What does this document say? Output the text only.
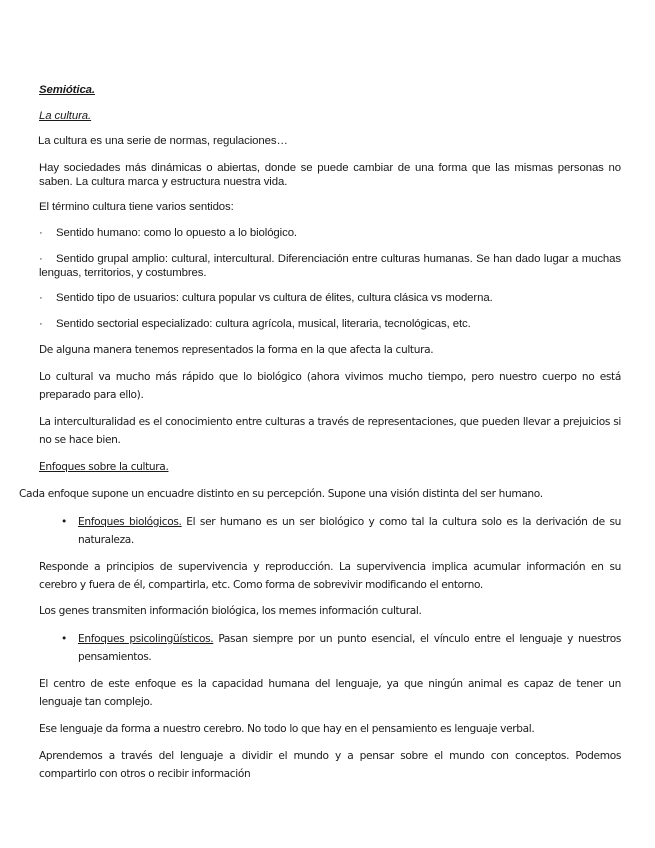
Semiótica.

La cultura.

La cultura es una serie de normas, regulaciones…

Hay sociedades más dinámicas o abiertas, donde se puede cambiar de una forma que las mismas personas no saben. La cultura marca y estructura nuestra vida.

El término cultura tiene varios sentidos:

· Sentido humano: como lo opuesto a lo biológico.

· Sentido grupal amplio: cultural, intercultural. Diferenciación entre culturas humanas. Se han dado lugar a muchas lenguas, territorios, y costumbres.

· Sentido tipo de usuarios: cultura popular vs cultura de élites, cultura clásica vs moderna.

· Sentido sectorial especializado: cultura agrícola, musical, literaria, tecnológicas, etc.

De alguna manera tenemos representados la forma en la que afecta la cultura.

Lo cultural va mucho más rápido que lo biológico (ahora vivimos mucho tiempo, pero nuestro cuerpo no está preparado para ello).

La interculturalidad es el conocimiento entre culturas a través de representaciones, que pueden llevar a prejuicios si no se hace bien.

Enfoques sobre la cultura.

Cada enfoque supone un encuadre distinto en su percepción. Supone una visión distinta del ser humano.

• Enfoques biológicos. El ser humano es un ser biológico y como tal la cultura solo es la derivación de su naturaleza.

Responde a principios de supervivencia y reproducción. La supervivencia implica acumular información en su cerebro y fuera de él, compartirla, etc. Como forma de sobrevivir modificando el entorno.

Los genes transmiten información biológica, los memes información cultural.

• Enfoques psicolingüísticos. Pasan siempre por un punto esencial, el vínculo entre el lenguaje y nuestros pensamientos.

El centro de este enfoque es la capacidad humana del lenguaje, ya que ningún animal es capaz de tener un lenguaje tan complejo.

Ese lenguaje da forma a nuestro cerebro. No todo lo que hay en el pensamiento es lenguaje verbal.

Aprendemos a través del lenguaje a dividir el mundo y a pensar sobre el mundo con conceptos. Podemos compartirlo con otros o recibir información
